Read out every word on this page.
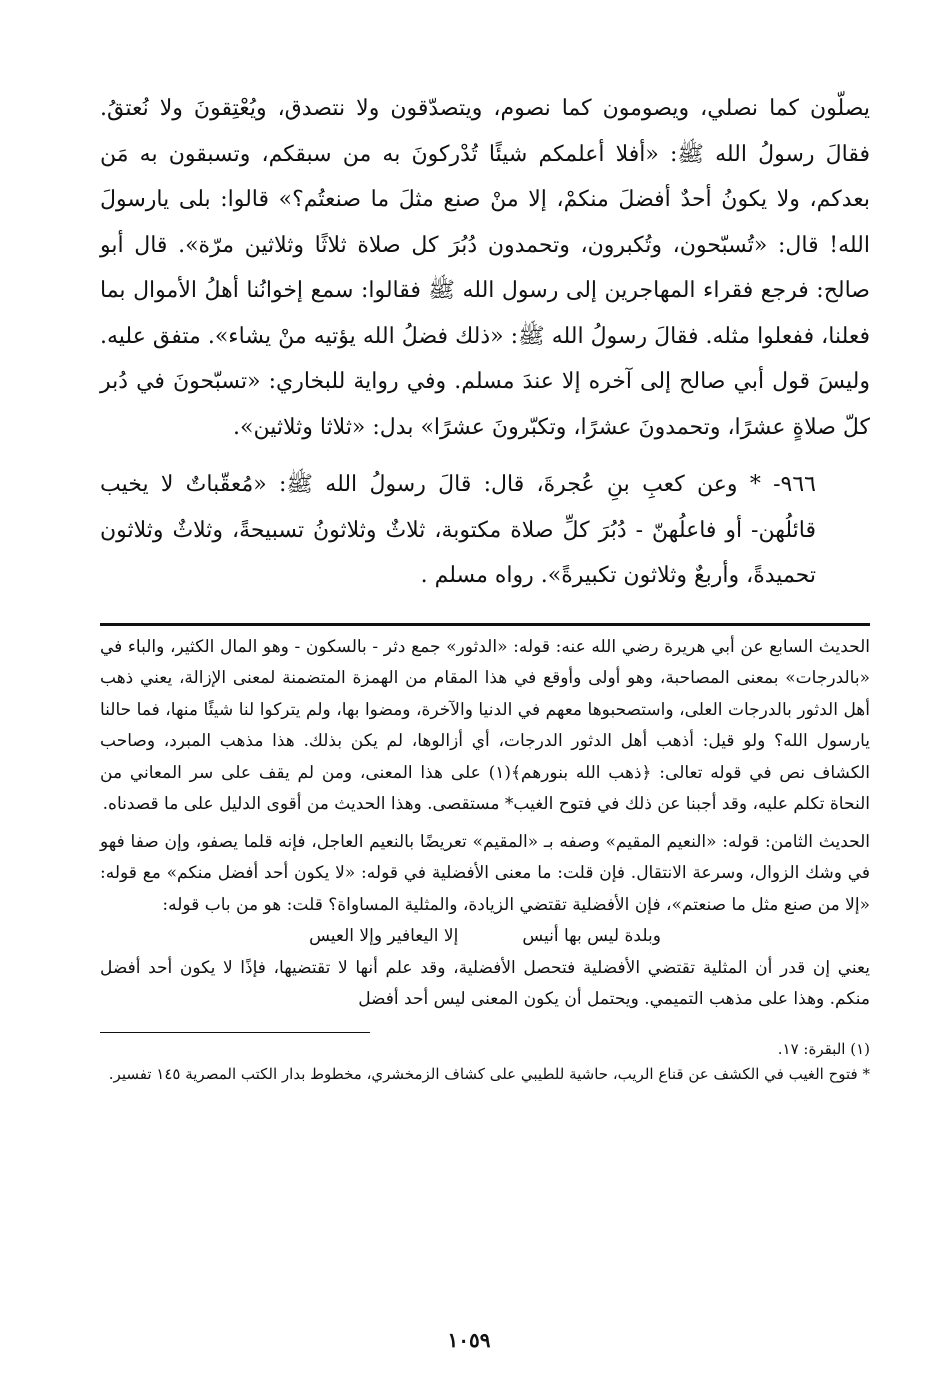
يصلّون كما نصلي، ويصومون كما نصوم، ويتصدّقون ولا نتصدق، ويُعْتِقونَ ولا نُعتقُ. فقالَ رسولُ الله ﷺ: «أفلا أعلمكم شيئًا تُدْركونَ به من سبقكم، وتسبقون به مَن بعدكم، ولا يكونُ أحدٌ أفضلَ منكمْ، إلا منْ صنع مثلَ ما صنعتُم؟» قالوا: بلى يارسولَ الله! قال: «تُسبّحون، وتُكبرون، وتحمدون دُبُرَ كل صلاة ثلاثًا وثلاثين مرّة». قال أبو صالح: فرجع فقراء المهاجرين إلى رسول الله ﷺ فقالوا: سمع إخوانُنا أهلُ الأموال بما فعلنا، ففعلوا مثله. فقالَ رسولُ الله ﷺ: «ذلك فضلُ الله يؤتيه منْ يشاء». متفق عليه. وليسَ قول أبي صالح إلى آخره إلا عندَ مسلم. وفي رواية للبخاري: «تسبّحونَ في دُبر كلّ صلاةٍ عشرًا، وتحمدونَ عشرًا، وتكبّرونَ عشرًا» بدل: «ثلاثا وثلاثين».

٩٦٦- * وعن كعبِ بنِ عُجرةَ، قال: قالَ رسولُ الله ﷺ: «مُعقّباتٌ لا يخيب قائلُهن- أو فاعلُهنّ - دُبُرَ كلِّ صلاة مكتوبة، ثلاثٌ وثلاثونُ تسبيحةً، وثلاثٌ وثلاثون تحميدةً، وأربعٌ وثلاثون تكبيرةً». رواه مسلم .

الحديث السابع عن أبي هريرة رضي الله عنه: قوله: «الدثور» جمع دثر - بالسكون - وهو المال الكثير، والباء في «بالدرجات» بمعنى المصاحبة، وهو أولى وأوقع في هذا المقام من الهمزة المتضمنة لمعنى الإزالة، يعني ذهب أهل الدثور بالدرجات العلى، واستصحبوها معهم في الدنيا والآخرة، ومضوا بها، ولم يتركوا لنا شيئًا منها، فما حالنا يارسول الله؟ ولو قيل: أذهب أهل الدثور الدرجات، أي أزالوها، لم يكن بذلك. هذا مذهب المبرد، وصاحب الكشاف نص في قوله تعالى: ﴿ذهب الله بنورهم﴾(١) على هذا المعنى، ومن لم يقف على سر المعاني من النحاة تكلم عليه، وقد أجبنا عن ذلك في فتوح الغيب* مستقصى. وهذا الحديث من أقوى الدليل على ما قصدناه.

الحديث الثامن: قوله: «النعيم المقيم» وصفه بـ «المقيم» تعريضًا بالنعيم العاجل، فإنه قلما يصفو، وإن صفا فهو في وشك الزوال، وسرعة الانتقال. فإن قلت: ما معنى الأفضلية في قوله: «لا يكون أحد أفضل منكم» مع قوله: «إلا من صنع مثل ما صنعتم»، فإن الأفضلية تقتضي الزيادة، والمثلية المساواة؟ قلت: هو من باب قوله:

وبلدة ليس بها أنيس
إلا اليعافير وإلا العيس

يعني إن قدر أن المثلية تقتضي الأفضلية فتحصل الأفضلية، وقد علم أنها لا تقتضيها، فإذًا لا يكون أحد أفضل منكم. وهذا على مذهب التميمي. ويحتمل أن يكون المعنى ليس أحد أفضل

(١) البقرة: ١٧.

* فتوح الغيب في الكشف عن قناع الريب، حاشية للطيبي على كشاف الزمخشري، مخطوط بدار الكتب المصرية ١٤٥ تفسير.

١٠٥٩
